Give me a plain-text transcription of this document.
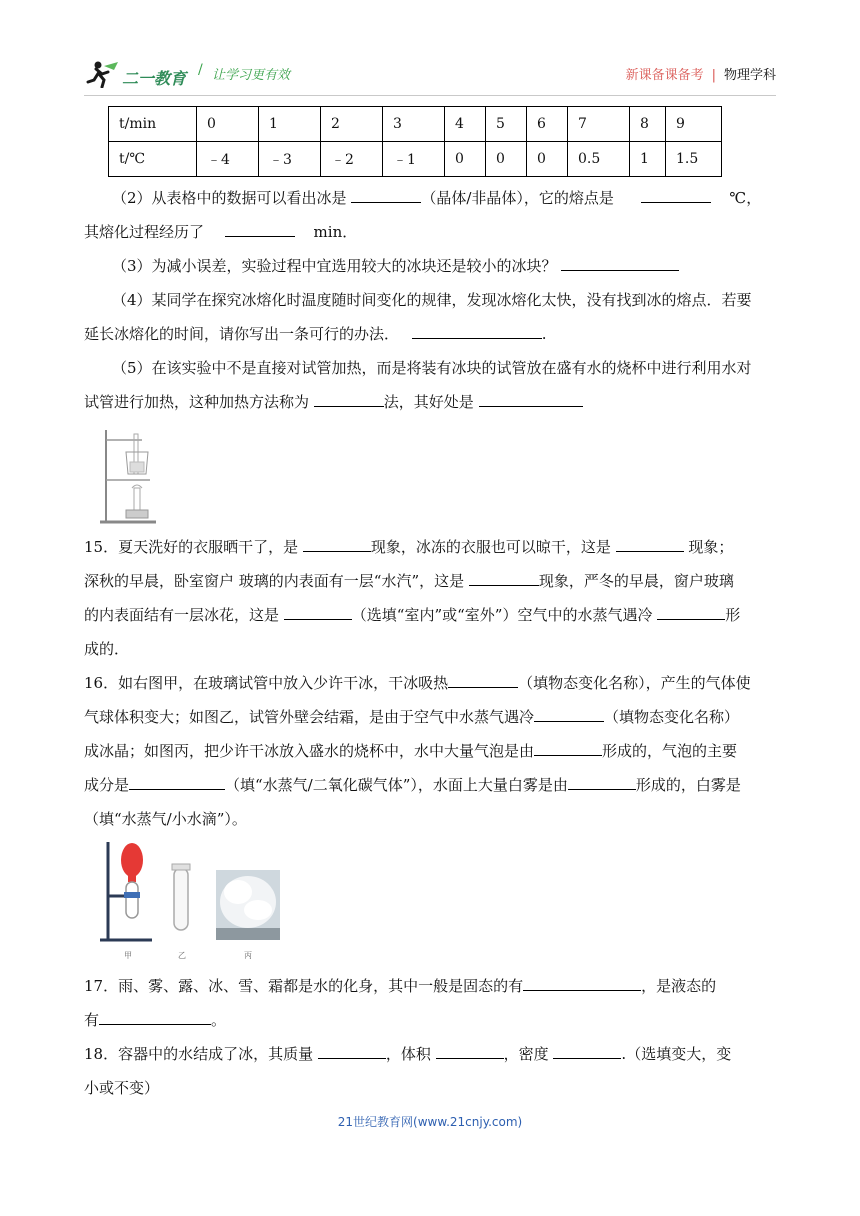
二一教育 / 让学习更有效	新课备课备考 | 物理学科
t/min	0	1	2	3	4	5	6	7	8	9
t/℃	﹣4	﹣3	﹣2	﹣1	0	0	0	0.5	1	1.5
（2）从表格中的数据可以看出冰是	（晶体/非晶体），它的熔点是	℃，
其熔化过程经历了	min．
（3）为减小误差，实验过程中宜选用较大的冰块还是较小的冰块？
（4）某同学在探究冰熔化时温度随时间变化的规律，发现冰熔化太快，没有找到冰的熔点．若要
延长冰熔化的时间，请你写出一条可行的办法．	.
（5）在该实验中不是直接对试管加热，而是将装有冰块的试管放在盛有水的烧杯中进行利用水对
试管进行加热，这种加热方法称为	法，其好处是
15．夏天洗好的衣服晒干了，是	现象，冰冻的衣服也可以晾干，这是	现象；
深秋的早晨，卧室窗户 玻璃的内表面有一层“水汽”，这是	现象，严冬的早晨，窗户玻璃
的内表面结有一层冰花，这是	（选填“室内”或“室外”）空气中的水蒸气遇冷	形
成的．
16．如右图甲，在玻璃试管中放入少许干冰，干冰吸热	（填物态变化名称），产生的气体使
气球体积变大；如图乙，试管外壁会结霜，是由于空气中水蒸气遇冷	（填物态变化名称）
成冰晶；如图丙，把少许干冰放入盛水的烧杯中，水中大量气泡是由	形成的，气泡的主要
成分是	（填“水蒸气/二氧化碳气体”），水面上大量白雾是由	形成的，白雾是
（填“水蒸气/小水滴”）。
甲	乙	丙
17．雨、雾、露、冰、雪、霜都是水的化身，其中一般是固态的有	，是液态的
有	。
18．容器中的水结成了冰，其质量	，体积	，密度	.（选填变大，变
小或不变）
21世纪教育网(www.21cnjy.com)
